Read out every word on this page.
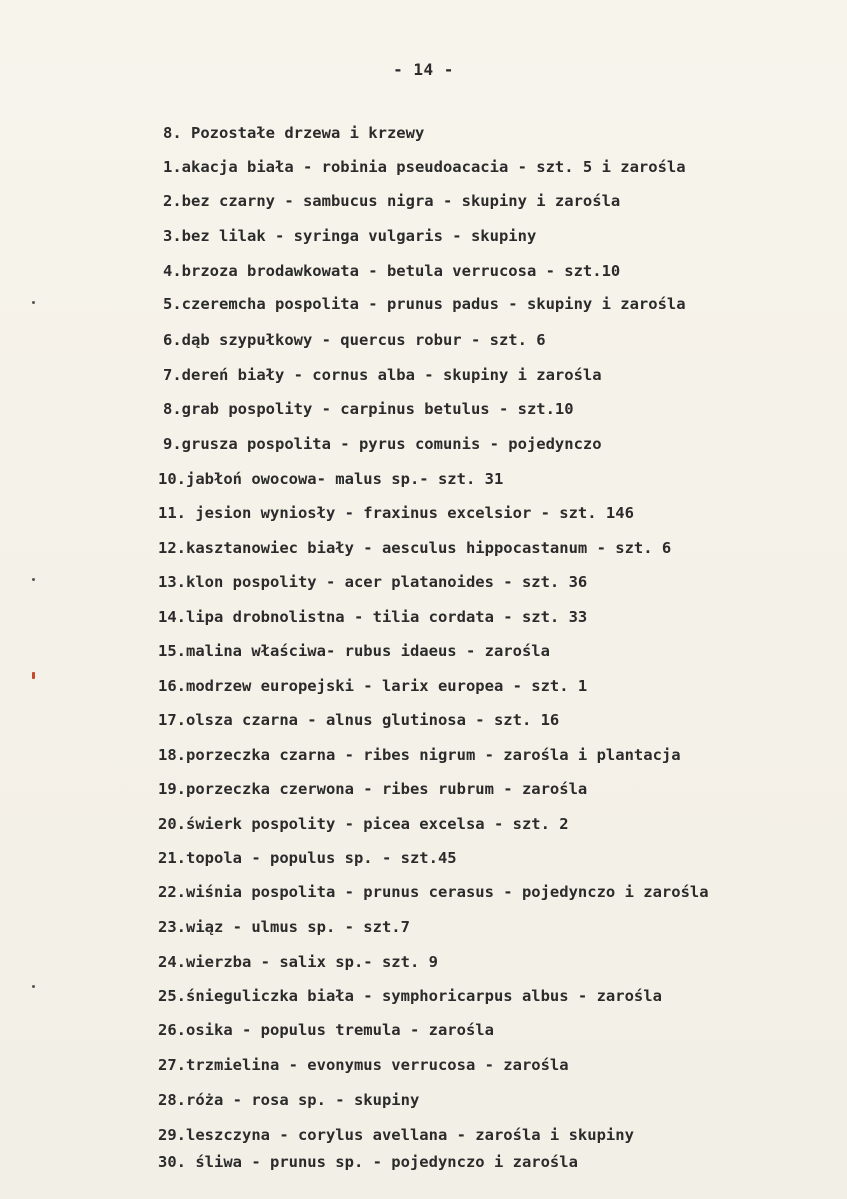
- 14 -
8. Pozostałe drzewa i krzewy
1.akacja biała - robinia pseudoacacia - szt. 5 i zarośla
2.bez czarny - sambucus nigra - skupiny i zarośla
3.bez lilak - syringa vulgaris - skupiny
4.brzoza brodawkowata - betula verrucosa - szt.10
5.czeremcha pospolita - prunus padus - skupiny i zarośla
6.dąb szypułkowy - quercus robur - szt. 6
7.dereń biały - cornus alba - skupiny i zarośla
8.grab pospolity - carpinus betulus - szt.10
9.grusza pospolita - pyrus comunis - pojedynczo
10.jabłoń owocowa- malus sp.- szt. 31
11. jesion wyniosły - fraxinus excelsior - szt. 146
12.kasztanowiec biały - aesculus hippocastanum - szt. 6
13.klon pospolity - acer platanoides - szt. 36
14.lipa drobnolistna - tilia cordata - szt. 33
15.malina właściwa- rubus idaeus - zarośla
16.modrzew europejski - larix europea - szt. 1
17.olsza czarna - alnus glutinosa - szt. 16
18.porzeczka czarna - ribes nigrum - zarośla i plantacja
19.porzeczka czerwona - ribes rubrum - zarośla
20.świerk pospolity - picea excelsa - szt. 2
21.topola - populus sp. - szt.45
22.wiśnia pospolita - prunus cerasus - pojedynczo i zarośla
23.wiąz - ulmus sp. - szt.7
24.wierzba - salix sp.- szt. 9
25.śnieguliczka biała - symphoricarpus albus - zarośla
26.osika - populus tremula - zarośla
27.trzmielina - evonymus verrucosa - zarośla
28.róża - rosa sp. - skupiny
29.leszczyna - corylus avellana - zarośla i skupiny
30. śliwa - prunus sp. - pojedynczo i zarośla
